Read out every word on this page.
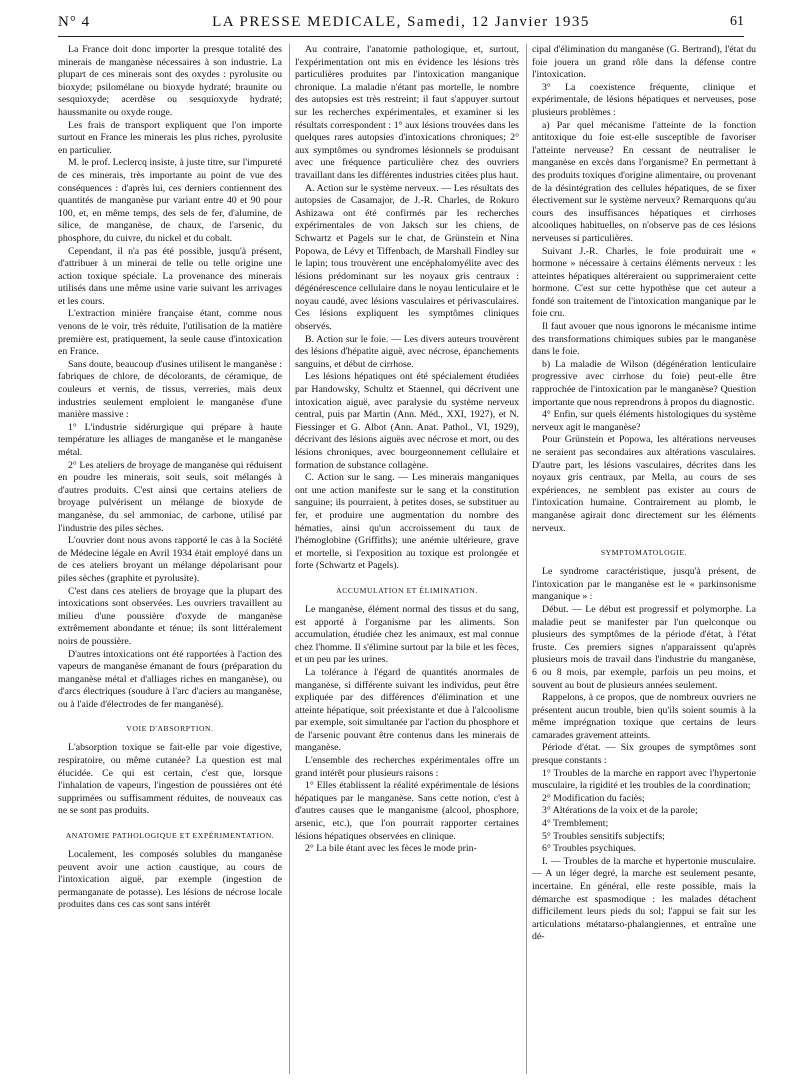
N° 4	LA PRESSE MEDICALE, Samedi, 12 Janvier 1935	61

La France doit donc importer la presque totalité des minerais de manganèse nécessaires à son industrie. La plupart de ces minerais sont des oxydes : pyrolusite ou bioxyde; psilomélane ou bioxyde hydraté; braunite ou sesquioxyde; acerdèse ou sesquioxyde hydraté; haussmanite ou oxyde rouge.

Les frais de transport expliquent que l'on importe surtout en France les minerais les plus riches, pyrolusite en particulier.

M. le prof. Leclercq insiste, à juste titre, sur l'impureté de ces minerais, très importante au point de vue des conséquences : d'après lui, ces derniers contiennent des quantités de manganèse pur variant entre 40 et 90 pour 100, et, en même temps, des sels de fer, d'alumine, de silice, de manganèse, de chaux, de l'arsenic, du phosphore, du cuivre, du nickel et du cobalt.

Cependant, il n'a pas été possible, jusqu'à présent, d'attribuer à un minerai de telle ou telle origine une action toxique spéciale. La provenance des minerais utilisés dans une même usine varie suivant les arrivages et les cours.

L'extraction minière française étant, comme nous venons de le voir, très réduite, l'utilisation de la matière première est, pratiquement, la seule cause d'intoxication en France.

Sans doute, beaucoup d'usines utilisent le manganèse : fabriques de chlore, de décolorants, de céramique, de couleurs et vernis, de tissus, verreries, mais deux industries seulement emploient le manganèse d'une manière massive :

1° L'industrie sidérurgique qui prépare à haute température les alliages de manganèse et le manganèse métal.

2° Les ateliers de broyage de manganèse qui réduisent en poudre les minerais, soit seuls, soit mélangés à d'autres produits. C'est ainsi que certains ateliers de broyage pulvérisent un mélange de bioxyde de manganèse, du sel ammoniac, de carbone, utilisé par l'industrie des piles sèches.

L'ouvrier dont nous avons rapporté le cas à la Société de Médecine légale en Avril 1934 était employé dans un de ces ateliers broyant un mélange dépolarisant pour piles sèches (graphite et pyrolusite).

C'est dans ces ateliers de broyage que la plupart des intoxications sont observées. Les ouvriers travaillent au milieu d'une poussière d'oxyde de manganèse extrêmement abondante et ténue; ils sont littéralement noirs de poussière.

D'autres intoxications ont été rapportées à l'action des vapeurs de manganèse émanant de fours (préparation du manganèse métal et d'alliages riches en manganèse), ou d'arcs électriques (soudure à l'arc d'aciers au manganèse, ou à l'aide d'électrodes de fer manganèsé).

VOIE D'ABSORPTION.

L'absorption toxique se fait-elle par voie digestive, respiratoire, ou même cutanée? La question est mal élucidée. Ce qui est certain, c'est que, lorsque l'inhalation de vapeurs, l'ingestion de poussières ont été supprimées ou suffisamment réduites, de nouveaux cas ne se sont pas produits.

ANATOMIE PATHOLOGIQUE ET EXPÉRIMENTATION.

Localement, les composés solubles du manganèse peuvent avoir une action caustique, au cours de l'intoxication aiguë, par exemple (ingestion de permanganate de potasse). Les lésions de nécrose locale produites dans ces cas sont sans intérêt

Au contraire, l'anatomie pathologique, et, surtout, l'expérimentation ont mis en évidence les lésions très particulières produites par l'intoxication manganique chronique. La maladie n'étant pas mortelle, le nombre des autopsies est très restreint; il faut s'appuyer surtout sur les recherches expérimentales, et examiner si les résultats correspondent : 1° aux lésions trouvées dans les quelques rares autopsies d'intoxications chroniques; 2° aux symptômes ou syndromes lésionnels se produisant avec une fréquence particulière chez des ouvriers travaillant dans les différentes industries citées plus haut.

A. Action sur le système nerveux. — Les résultats des autopsies de Casamajor, de J.-R. Charles, de Rokuro Ashizawa ont été confirmés par les recherches expérimentales de von Jaksch sur les chiens, de Schwartz et Pagels sur le chat, de Grünstein et Nina Popowa, de Lévy et Tiffenbach, de Marshall Findley sur le lapin; tous trouvèrent une encéphalomyélite avec des lésions prédominant sur les noyaux gris centraux : dégénérescence cellulaire dans le noyau lenticulaire et le noyau caudé, avec lésions vasculaires et périvasculaires. Ces lésions expliquent les symptômes cliniques observés.

B. Action sur le foie. — Les divers auteurs trouvèrent des lésions d'hépatite aiguë, avec nécrose, épanchements sanguins, et début de cirrhose.

Les lésions hépatiques ont été spécialement étudiées par Handowsky, Schultz et Staennel, qui décrivent une intoxication aiguë, avec paralysie du système nerveux central, puis par Martin (Ann. Méd., XXI, 1927), et N. Fiessinger et G. Albot (Ann. Anat. Pathol., VI, 1929), décrivant des lésions aiguës avec nécrose et mort, ou des lésions chroniques, avec bourgeonnement cellulaire et formation de substance collagène.

C. Action sur le sang. — Les minerais manganiques ont une action manifeste sur le sang et la constitution sanguine; ils pourraient, à petites doses, se substituer au fer, et produire une augmentation du nombre des hématies, ainsi qu'un accroissement du taux de l'hémoglobine (Griffiths); une anémie ultérieure, grave et mortelle, si l'exposition au toxique est prolongée et forte (Schwartz et Pagels).

ACCUMULATION ET ÉLIMINATION.

Le manganèse, élément normal des tissus et du sang, est apporté à l'organisme par les aliments. Son accumulation, étudiée chez les animaux, est mal connue chez l'homme. Il s'élimine surtout par la bile et les fèces, et un peu par les urines.

La tolérance à l'égard de quantités anormales de manganèse, si différente suivant les individus, peut être expliquée par des différences d'élimination et une atteinte hépatique, soit préexistante et due à l'alcoolisme par exemple, soit simultanée par l'action du phosphore et de l'arsenic pouvant être contenus dans les minerais de manganèse.

L'ensemble des recherches expérimentales offre un grand intérêt pour plusieurs raisons :

1° Elles établissent la réalité expérimentale de lésions hépatiques par le manganèse. Sans cette notion, c'est à d'autres causes que le manganisme (alcool, phosphore, arsenic, etc.), que l'on pourrait rapporter certaines lésions hépatiques observées en clinique.

2° La bile étant avec les fèces le mode prin-

cipal d'élimination du manganèse (G. Bertrand), l'état du foie jouera un grand rôle dans la défense contre l'intoxication.

3° La coexistence fréquente, clinique et expérimentale, de lésions hépatiques et nerveuses, pose plusieurs problèmes :

a) Par quel mécanisme l'atteinte de la fonction antitoxique du foie est-elle susceptible de favoriser l'atteinte nerveuse? En cessant de neutraliser le manganèse en excès dans l'organisme? En permettant à des produits toxiques d'origine alimentaire, ou provenant de la désintégration des cellules hépatiques, de se fixer électivement sur le système nerveux? Remarquons qu'au cours des insuffisances hépatiques et cirrhoses alcooliques habituelles, on n'observe pas de ces lésions nerveuses si particulières.

Suivant J.-R. Charles, le foie produirait une « hormone » nécessaire à certains éléments nerveux : les atteintes hépatiques altéreraient ou supprimeraient cette hormone. C'est sur cette hypothèse que cet auteur a fondé son traitement de l'intoxication manganique par le foie cru.

Il faut avouer que nous ignorons le mécanisme intime des transformations chimiques subies par le manganèse dans le foie.

b) La maladie de Wilson (dégénération lenticulaire progressive avec cirrhose du foie) peut-elle être rapprochée de l'intoxication par le manganèse? Question importante que nous reprendrons à propos du diagnostic.

4° Enfin, sur quels éléments histologiques du système nerveux agit le manganèse?

Pour Grünstein et Popowa, les altérations nerveuses ne seraient pas secondaires aux altérations vasculaires. D'autre part, les lésions vasculaires, décrites dans les noyaux gris centraux, par Mella, au cours de ses expériences, ne semblent pas exister au cours de l'intoxication humaine. Contrairement au plomb, le manganèse agirait donc directement sur les éléments nerveux.

SYMPTOMATOLOGIE.

Le syndrome caractéristique, jusqu'à présent, de l'intoxication par le manganèse est le « parkinsonisme manganique » :

Début. — Le début est progressif et polymorphe. La maladie peut se manifester par l'un quelconque ou plusieurs des symptômes de la période d'état, à l'état fruste. Ces premiers signes n'apparaissent qu'après plusieurs mois de travail dans l'industrie du manganèse, 6 ou 8 mois, par exemple, parfois un peu moins, et souvent au bout de plusieurs années seulement.

Rappelons, à ce propos, que de nombreux ouvriers ne présentent aucun trouble, bien qu'ils soient soumis à la même imprégnation toxique que certains de leurs camarades gravement atteints.

Période d'état. — Six groupes de symptômes sont presque constants :

1° Troubles de la marche en rapport avec l'hypertonie musculaire, la rigidité et les troubles de la coordination;

2° Modification du faciès;

3° Altérations de la voix et de la parole;

4° Tremblement;

5° Troubles sensitifs subjectifs;

6° Troubles psychiques.

I. — Troubles de la marche et hypertonie musculaire. — A un léger degré, la marche est seulement pesante, incertaine. En général, elle reste possible, mais la démarche est spasmodique : les malades détachent difficilement leurs pieds du sol; l'appui se fait sur les articulations métatarso-phalangiennes, et entraîne une dé-
